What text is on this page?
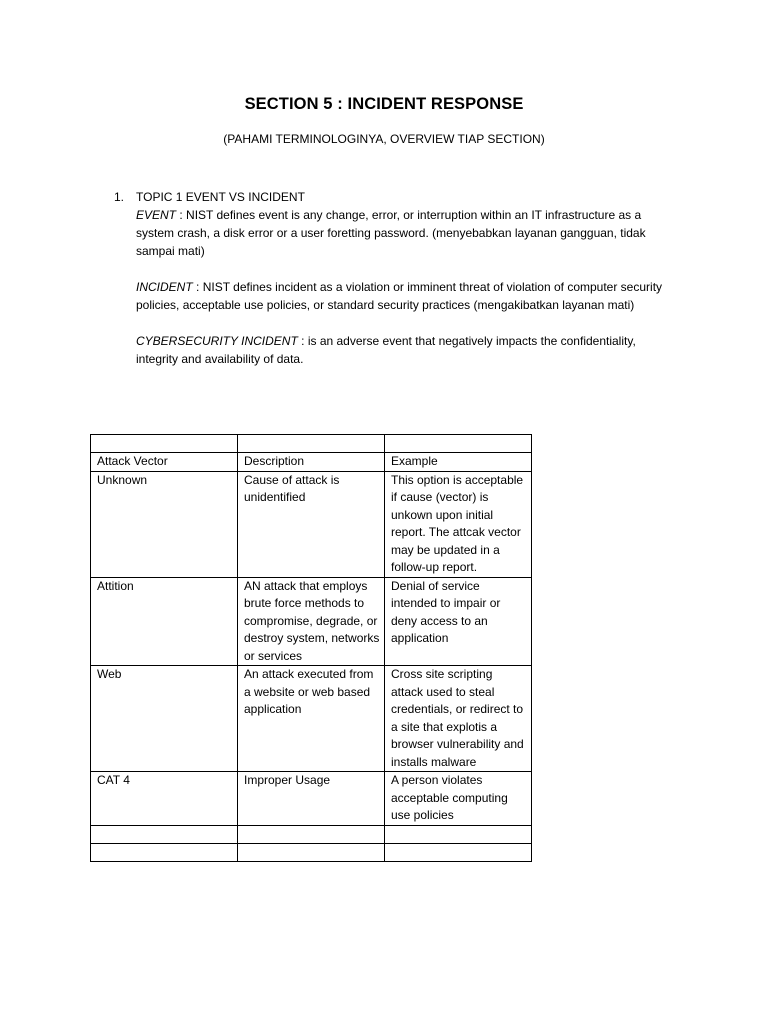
SECTION 5 : INCIDENT RESPONSE
(PAHAMI TERMINOLOGINYA, OVERVIEW TIAP SECTION)
1. TOPIC 1 EVENT VS INCIDENT

EVENT : NIST defines event is any change, error, or interruption within an IT infrastructure as a system crash, a disk error or a user foretting password. (menyebabkan layanan gangguan, tidak sampai mati)

INCIDENT : NIST defines incident as a violation or imminent threat of violation of computer security policies, acceptable use policies, or standard security practices (mengakibatkan layanan mati)

CYBERSECURITY INCIDENT : is an adverse event that negatively impacts the confidentiality, integrity and availability of data.

Attack Vector	Description	Example
Unknown	Cause of attack is unidentified	This option is acceptable if cause (vector) is unkown upon initial report. The attcak vector may be updated in a follow-up report.
Attition	AN attack that employs brute force methods to compromise, degrade, or destroy system, networks or services	Denial of service intended to impair or deny access to an application
Web	An attack executed from a website or web based application	Cross site scripting attack used to steal credentials, or redirect to a site that explotis a browser vulnerability and installs malware
CAT 4	Improper Usage	A person violates acceptable computing use policies
